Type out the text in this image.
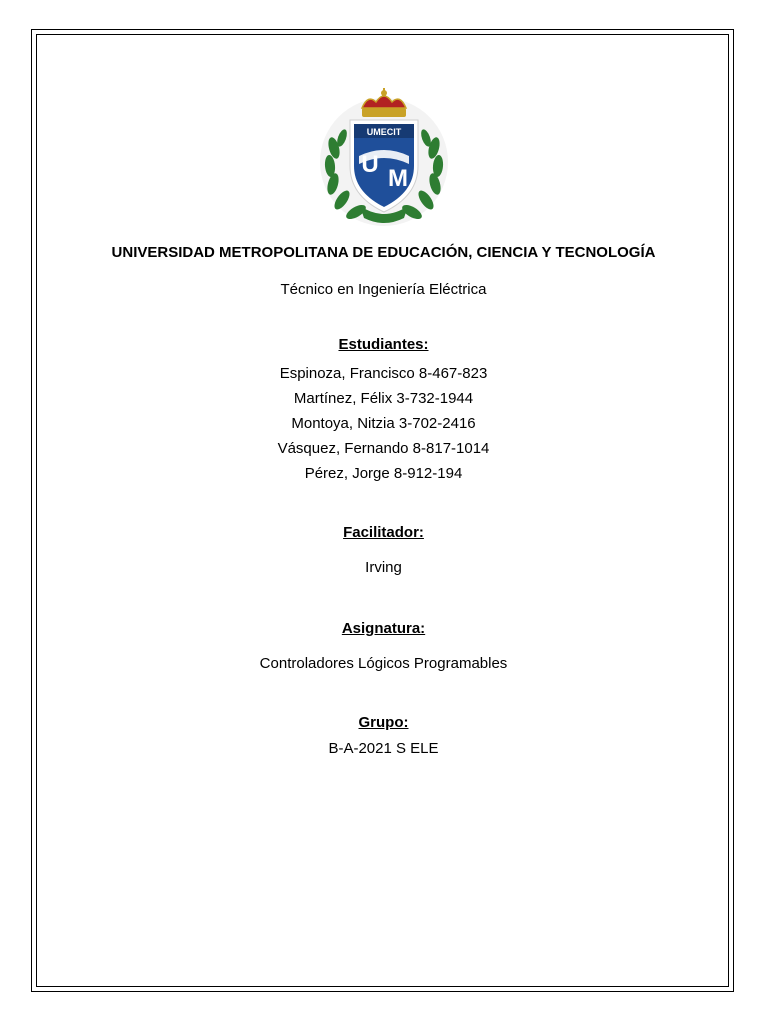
UMECIT
U
M

UNIVERSIDAD METROPOLITANA DE EDUCACIÓN, CIENCIA Y TECNOLOGÍA

Técnico en Ingeniería Eléctrica

Estudiantes:

Espinoza, Francisco 8-467-823

Martínez, Félix 3-732-1944

Montoya, Nitzia 3-702-2416

Vásquez, Fernando 8-817-1014

Pérez, Jorge 8-912-194

Facilitador:

Irving

Asignatura:

Controladores Lógicos Programables

Grupo:

B-A-2021 S ELE
